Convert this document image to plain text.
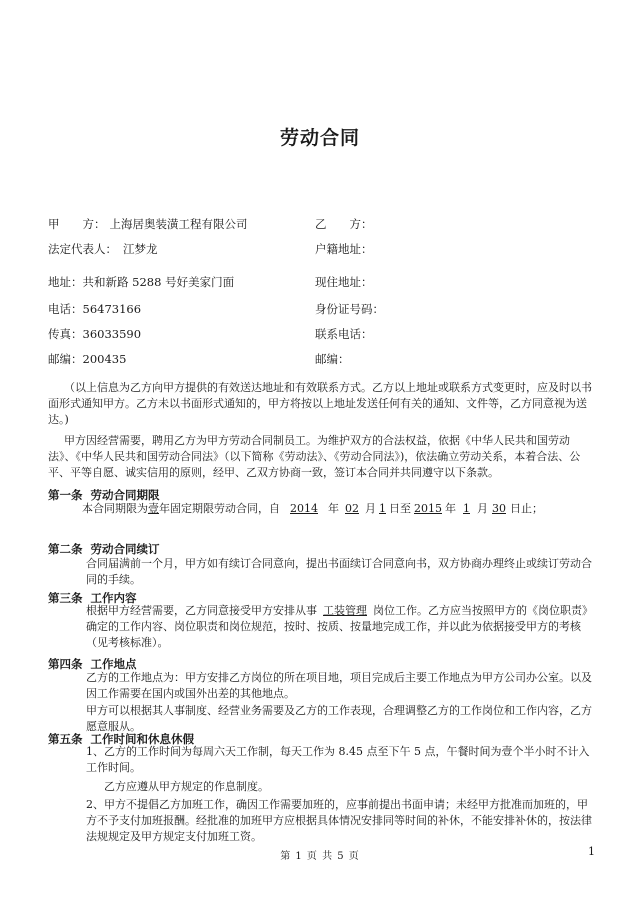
劳动合同
甲　　方： 上海居奥装潢工程有限公司	乙　　方：
法定代表人： 江梦龙	户籍地址：
地址：共和新路 5288 号好美家门面	现住地址：
电话：56473166	身份证号码：
传真：36033590	联系电话：
邮编：200435	邮编：
（以上信息为乙方向甲方提供的有效送达地址和有效联系方式。乙方以上地址或联系方式变更时，应及时以书面形式通知甲方。乙方未以书面形式通知的，甲方将按以上地址发送任何有关的通知、文件等，乙方同意视为送达。)
甲方因经营需要，聘用乙方为甲方劳动合同制员工。为维护双方的合法权益，依据《中华人民共和国劳动法》、《中华人民共和国劳动合同法》（以下简称《劳动法》、《劳动合同法》)，依法确立劳动关系，本着合法、公平、平等自愿、诚实信用的原则，经甲、乙双方协商一致，签订本合同并共同遵守以下条款。
第一条 劳动合同期限
本合同期限为壹年固定期限劳动合同，自 2014 年 02 月 1 日至 2015 年 1 月 30 日止；
第二条 劳动合同续订
合同届满前一个月，甲方如有续订合同意向，提出书面续订合同意向书，双方协商办理终止或续订劳动合同的手续。
第三条 工作内容
根据甲方经营需要，乙方同意接受甲方安排从事 工装管理 岗位工作。乙方应当按照甲方的《岗位职责》确定的工作内容、岗位职责和岗位规范，按时、按质、按量地完成工作，并以此为依据接受甲方的考核（见考核标准）。
第四条 工作地点
乙方的工作地点为：甲方安排乙方岗位的所在项目地，项目完成后主要工作地点为甲方公司办公室。以及因工作需要在国内或国外出差的其他地点。
甲方可以根据其人事制度、经营业务需要及乙方的工作表现，合理调整乙方的工作岗位和工作内容，乙方愿意服从。
第五条 工作时间和休息休假
1、乙方的工作时间为每周六天工作制，每天工作为 8.45 点至下午 5 点，午餐时间为壹个半小时不计入工作时间。
乙方应遵从甲方规定的作息制度。
2、甲方不提倡乙方加班工作，确因工作需要加班的，应事前提出书面申请；未经甲方批准而加班的，甲方不予支付加班报酬。经批准的加班甲方应根据具体情况安排同等时间的补休，不能安排补休的，按法律法规规定及甲方规定支付加班工资。
第 1 页 共 5 页	1
